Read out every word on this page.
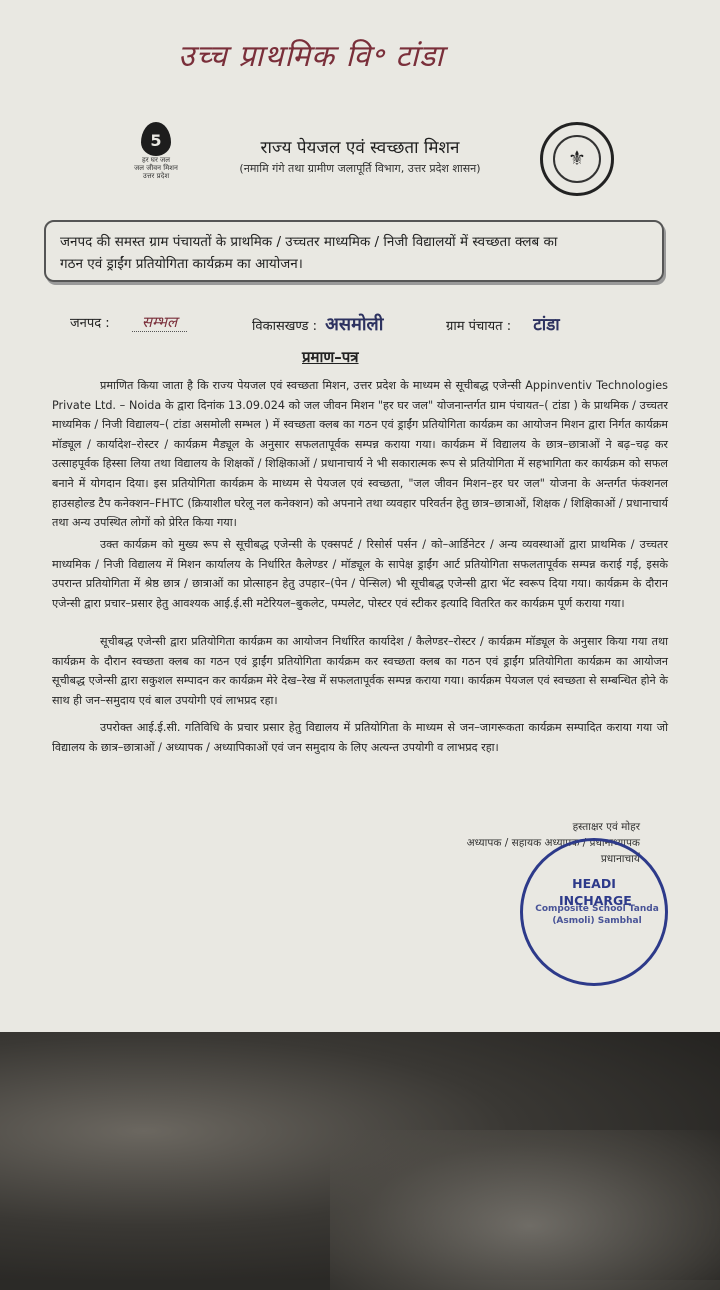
उच्च प्राथमिक वि॰ टांडा
5
हर घर जल
जल जीवन मिशन
उत्तर प्रदेश
राज्य पेयजल एवं स्वच्छता मिशन
(नमामि गंगे तथा ग्रामीण जलापूर्ति विभाग, उत्तर प्रदेश शासन)	⚜
जनपद की समस्त ग्राम पंचायतों के प्राथमिक / उच्चतर माध्यमिक / निजी विद्यालयों में स्वच्छता क्लब का
गठन एवं ड्राईंग प्रतियोगिता कार्यक्रम का आयोजन।
जनपद : सम्भल	विकासखण्ड : असमोली	ग्राम पंचायत : टांडा
प्रमाण–पत्र
प्रमाणित किया जाता है कि राज्य पेयजल एवं स्वच्छता मिशन, उत्तर प्रदेश के माध्यम से सूचीबद्ध एजेन्सी Appinventiv Technologies Private Ltd. – Noida के द्वारा दिनांक 13.09.024 को जल जीवन मिशन "हर घर जल" योजनान्तर्गत ग्राम पंचायत–( टांडा ) के प्राथमिक / उच्चतर माध्यमिक / निजी विद्यालय–( टांडा असमोली सम्भल ) में स्वच्छता क्लब का गठन एवं ड्राईंग प्रतियोगिता कार्यक्रम का आयोजन मिशन द्वारा निर्गत कार्यक्रम मॉड्यूल / कार्यादेश–रोस्टर / कार्यक्रम मैड्यूल के अनुसार सफलतापूर्वक सम्पन्न कराया गया। कार्यक्रम में विद्यालय के छात्र–छात्राओं ने बढ़–चढ़ कर उत्साहपूर्वक हिस्सा लिया तथा विद्यालय के शिक्षकों / शिक्षिकाओं / प्रधानाचार्य ने भी सकारात्मक रूप से प्रतियोगिता में सहभागिता कर कार्यक्रम को सफल बनाने में योगदान दिया। इस प्रतियोगिता कार्यक्रम के माध्यम से पेयजल एवं स्वच्छता, "जल जीवन मिशन–हर घर जल" योजना के अन्तर्गत फंक्शनल हाउसहोल्ड टैप कनेक्शन–FHTC (क्रियाशील घरेलू नल कनेक्शन) को अपनाने तथा व्यवहार परिवर्तन हेतु छात्र–छात्राओं, शिक्षक / शिक्षिकाओं / प्रधानाचार्य तथा अन्य उपस्थित लोगों को प्रेरित किया गया।
उक्त कार्यक्रम को मुख्य रूप से सूचीबद्ध एजेन्सी के एक्सपर्ट / रिसोर्स पर्सन / को–आर्डिनेटर / अन्य व्यवस्थाओं द्वारा प्राथमिक / उच्चतर माध्यमिक / निजी विद्यालय में मिशन कार्यालय के निर्धारित कैलेण्डर / मॉड्यूल के सापेक्ष ड्राईंग आर्ट प्रतियोगिता सफलतापूर्वक सम्पन्न कराई गई, इसके उपरान्त प्रतियोगिता में श्रेष्ठ छात्र / छात्राओं का प्रोत्साहन हेतु उपहार–(पेन / पेन्सिल) भी सूचीबद्ध एजेन्सी द्वारा भेंट स्वरूप दिया गया। कार्यक्रम के दौरान एजेन्सी द्वारा प्रचार–प्रसार हेतु आवश्यक आई.ई.सी मटेरियल–बुकलेट, पम्पलेट, पोस्टर एवं स्टीकर इत्यादि वितरित कर कार्यक्रम पूर्ण कराया गया।
सूचीबद्ध एजेन्सी द्वारा प्रतियोगिता कार्यक्रम का आयोजन निर्धारित कार्यादेश / कैलेण्डर–रोस्टर / कार्यक्रम मॉड्यूल के अनुसार किया गया तथा कार्यक्रम के दौरान स्वच्छता क्लब का गठन एवं ड्राईंग प्रतियोगिता कार्यक्रम कर स्वच्छता क्लब का गठन एवं ड्राईंग प्रतियोगिता कार्यक्रम का आयोजन सूचीबद्ध एजेन्सी द्वारा सकुशल सम्पादन कर कार्यक्रम मेरे देख–रेख में सफलतापूर्वक सम्पन्न कराया गया। कार्यक्रम पेयजल एवं स्वच्छता से सम्बन्धित होने के साथ ही जन–समुदाय एवं बाल उपयोगी एवं लाभप्रद रहा।
उपरोक्त आई.ई.सी. गतिविधि के प्रचार प्रसार हेतु विद्यालय में प्रतियोगिता के माध्यम से जन–जागरूकता कार्यक्रम सम्पादित कराया गया जो विद्यालय के छात्र–छात्राओं / अध्यापक / अध्यापिकाओं एवं जन समुदाय के लिए अत्यन्त उपयोगी व लाभप्रद रहा।
हस्ताक्षर एवं मोहर
अध्यापक / सहायक अध्यापक / प्रधानाध्यापक
प्रधानाचार्य
Composite School Tanda (Asmoli) Sambhal
HEADI INCHARGE
